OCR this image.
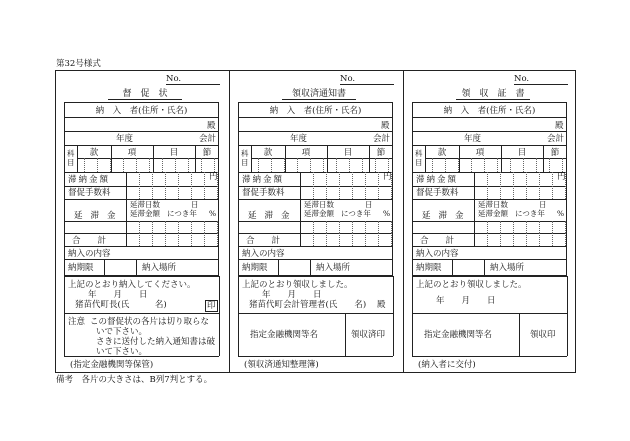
第32号様式
備考　各片の大きさは、B列7判とする。
No.
督　促　状
納　入　者(住所・氏名)
殿
年度	会計
科目
款	項	目	節
滞納金額	円
督促手数料
延滞金
延滞日数	日
延滞金額 につき年 %
合　　計
納入の内容
納期限	納入場所
上記のとおり納入してください。
(指定金融機関等保管)
No.
領収済通知書
納　入　者(住所・氏名)
殿
年度	会計
科目
款	項	目	節
滞納金額	円
督促手数料
延滞金
延滞日数	日
延滞金額 につき年 %
合　　計
納入の内容
納期限	納入場所
上記のとおり領収しました。
(領収済通知整理簿)
No.
領　収　証　書
納　入　者(住所・氏名)
殿
年度	会計
科目
款	項	目	節
滞納金額	円
督促手数料
延滞金
延滞日数	日
延滞金額 につき年 %
合　　計
納入の内容
納期限	納入場所
上記のとおり領収しました。
(納入者に交付)
年　　月　　日
猪苗代町長(氏　　　名)	印
注意 この督促状の各片は切り取らな
いで下さい。
さきに送付した納入通知書は破
いて下さい。
年　　月　　日
猪苗代町会計管理者(氏　　名) 殿
指定金融機関等名	領収済印
年　　月　　日
指定金融機関等名	領収印
